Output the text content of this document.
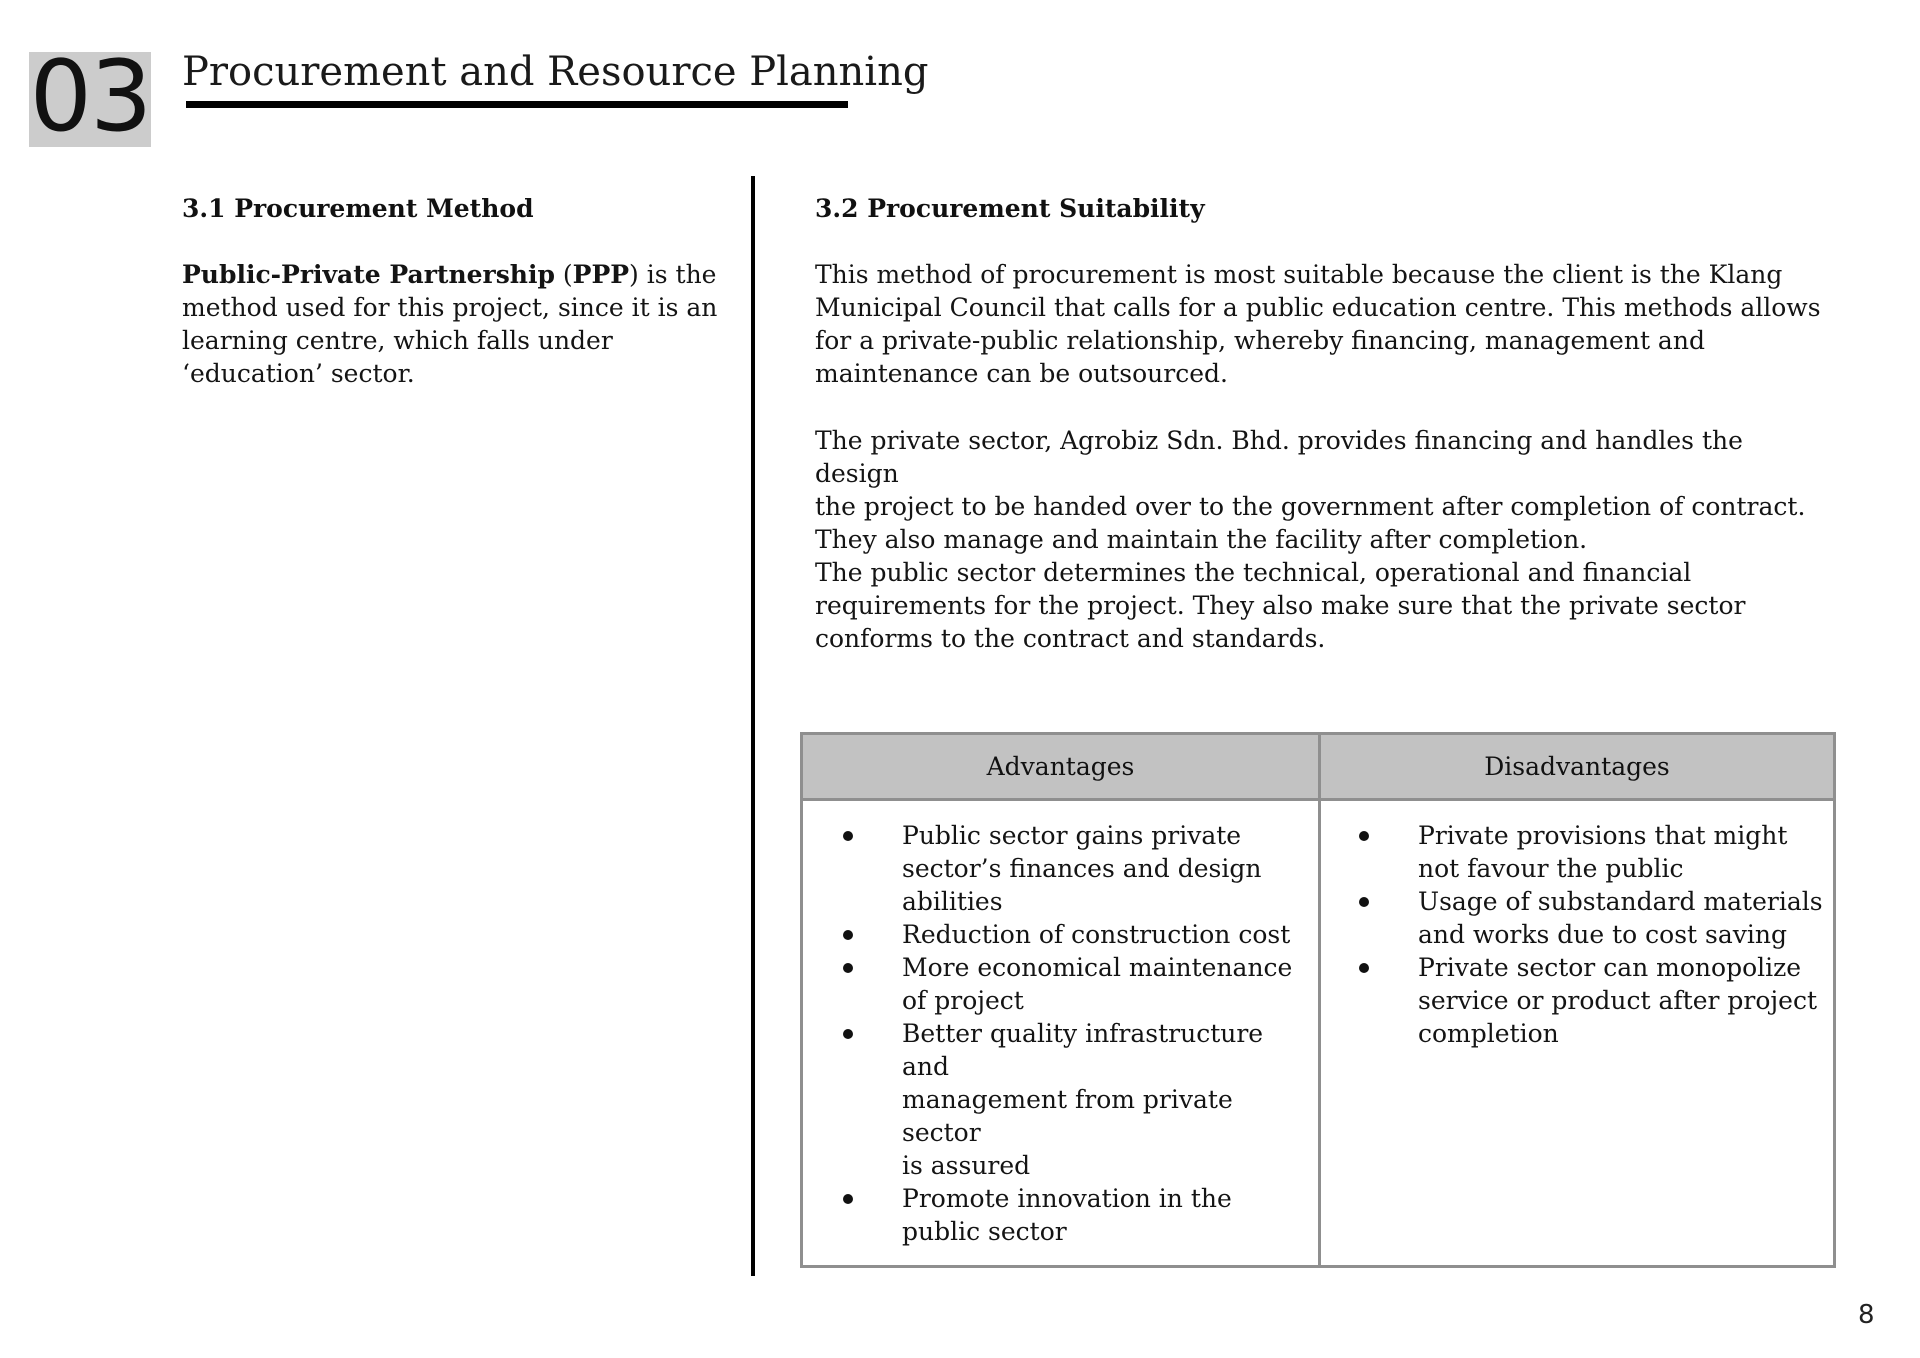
03 Procurement and Resource Planning
3.1 Procurement Method
Public-Private Partnership (PPP) is the
method used for this project, since it is an
learning centre, which falls under
‘education’ sector.
3.2 Procurement Suitability
This method of procurement is most suitable because the client is the Klang
Municipal Council that calls for a public education centre. This methods allows
for a private-public relationship, whereby financing, management and
maintenance can be outsourced.
The private sector, Agrobiz Sdn. Bhd. provides financing and handles the design
the project to be handed over to the government after completion of contract.
They also manage and maintain the facility after completion.
The public sector determines the technical, operational and financial
requirements for the project. They also make sure that the private sector
conforms to the contract and standards.
Advantages	Disadvantages
Public sector gains private
sector’s finances and design
abilities
Reduction of construction cost
More economical maintenance
of project
Better quality infrastructure and
management from private sector
is assured
Promote innovation in the
public sector
Private provisions that might
not favour the public
Usage of substandard materials
and works due to cost saving
Private sector can monopolize
service or product after project
completion
8
